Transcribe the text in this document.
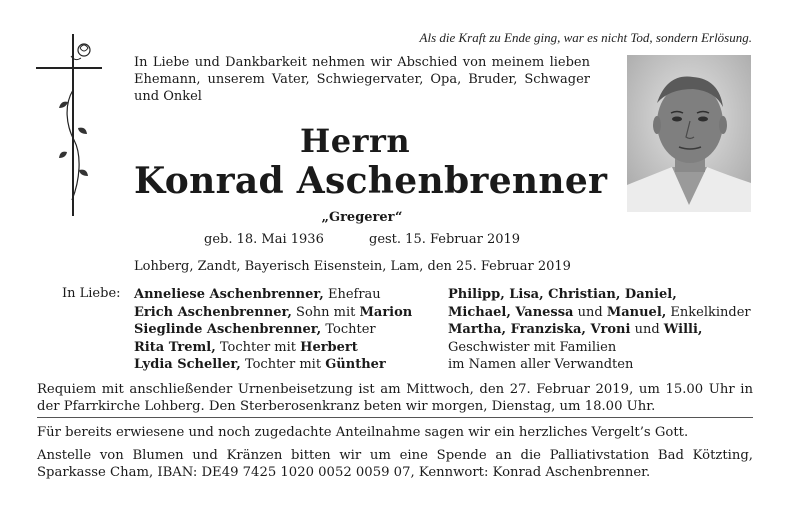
Als die Kraft zu Ende ging, war es nicht Tod, sondern Erlösung.
In Liebe und Dankbarkeit nehmen wir Abschied von meinem lieben Ehemann, unserem Vater, Schwiegervater, Opa, Bruder, Schwager und Onkel
Herrn
Konrad Aschenbrenner
„Gregerer“
geb. 18. Mai 1936	gest. 15. Februar 2019
Lohberg, Zandt, Bayerisch Eisenstein, Lam, den 25. Februar 2019
In Liebe: Anneliese Aschenbrenner, Ehefrau
Erich Aschenbrenner, Sohn mit Marion
Sieglinde Aschenbrenner, Tochter
Rita Treml, Tochter mit Herbert
Lydia Scheller, Tochter mit Günther
Philipp, Lisa, Christian, Daniel,
Michael, Vanessa und Manuel, Enkelkinder
Martha, Franziska, Vroni und Willi,
Geschwister mit Familien
im Namen aller Verwandten
Requiem mit anschließender Urnenbeisetzung ist am Mittwoch, den 27. Februar 2019, um 15.00 Uhr in der Pfarrkirche Lohberg. Den Sterberosenkranz beten wir morgen, Dienstag, um 18.00 Uhr.
Für bereits erwiesene und noch zugedachte Anteilnahme sagen wir ein herzliches Vergelt’s Gott.
Anstelle von Blumen und Kränzen bitten wir um eine Spende an die Palliativstation Bad Kötzting, Sparkasse Cham, IBAN: DE49 7425 1020 0052 0059 07, Kennwort: Konrad Aschenbrenner.
